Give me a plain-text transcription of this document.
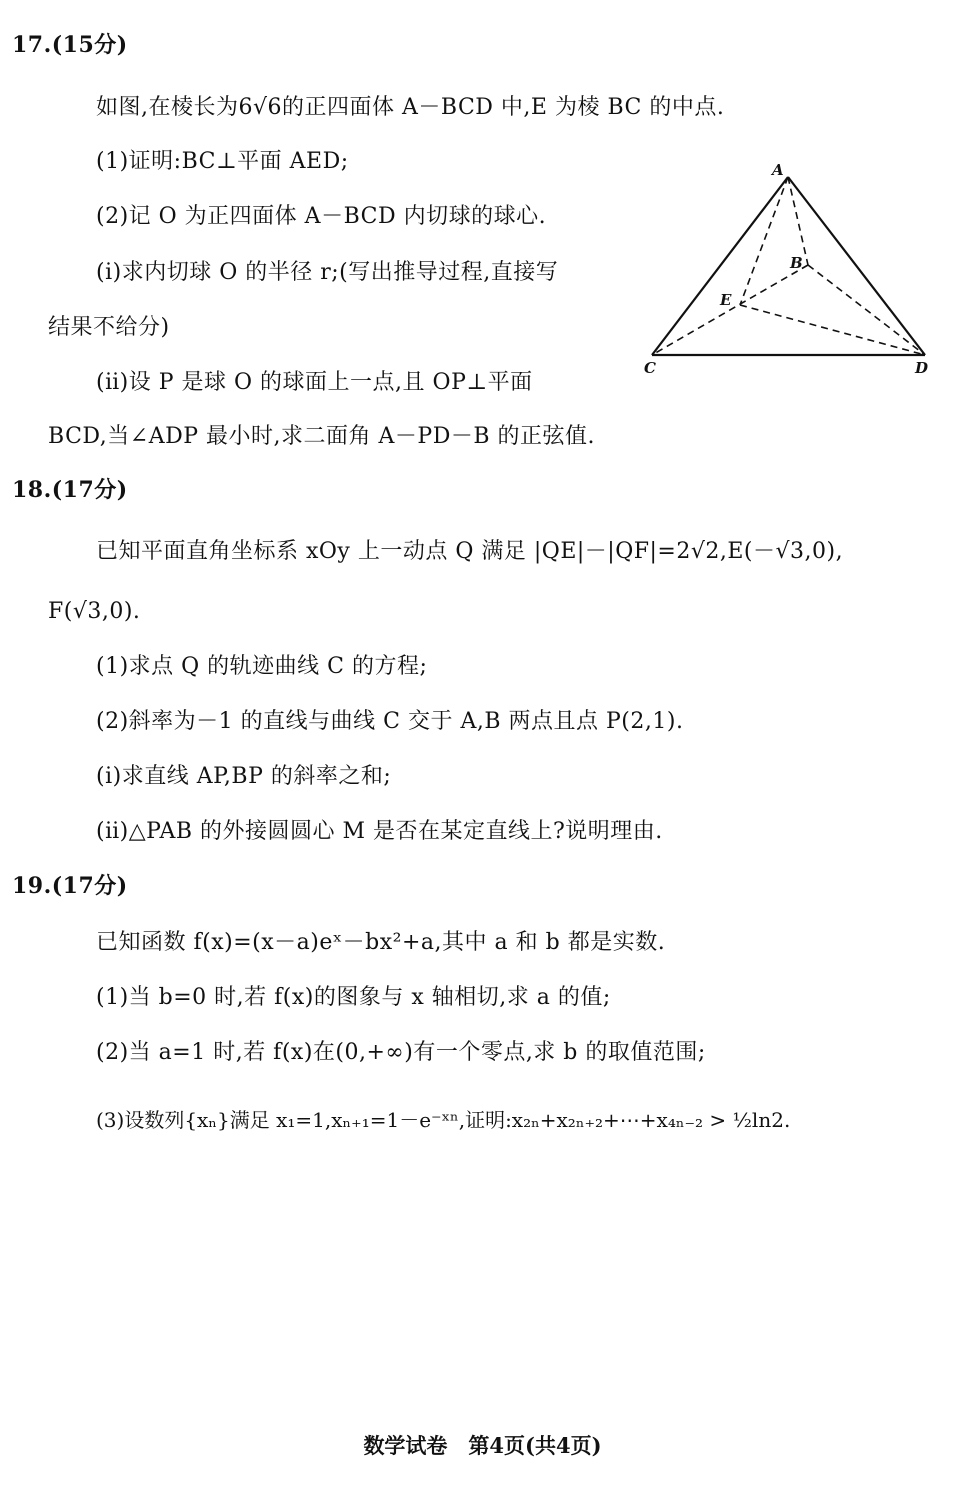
17.(15分)
如图,在棱长为6√6的正四面体 A－BCD 中,E 为棱 BC 的中点.
(1)证明:BC⊥平面 AED;
(2)记 O 为正四面体 A－BCD 内切球的球心.
(i)求内切球 O 的半径 r;(写出推导过程,直接写
结果不给分)
(ⅱ)设 P 是球 O 的球面上一点,且 OP⊥平面
BCD,当∠ADP 最小时,求二面角 A－PD－B 的正弦值.
A
B
C	D
E
18.(17分)
已知平面直角坐标系 xOy 上一动点 Q 满足 |QE|－|QF|=2√2,E(－√3,0),
F(√3,0).
(1)求点 Q 的轨迹曲线 C 的方程;
(2)斜率为－1 的直线与曲线 C 交于 A,B 两点且点 P(2,1).
(i)求直线 AP,BP 的斜率之和;
(ⅱ)△PAB 的外接圆圆心 M 是否在某定直线上?说明理由.
19.(17分)
已知函数 f(x)=(x－a)eˣ－bx²+a,其中 a 和 b 都是实数.
(1)当 b=0 时,若 f(x)的图象与 x 轴相切,求 a 的值;
(2)当 a=1 时,若 f(x)在(0,+∞)有一个零点,求 b 的取值范围;
(3)设数列{xₙ}满足 x₁=1,xₙ₊₁=1－e⁻ˣⁿ,证明:x₂ₙ+x₂ₙ₊₂+⋯+x₄ₙ₋₂ > ½ln2.
数学试卷　第4页(共4页)
